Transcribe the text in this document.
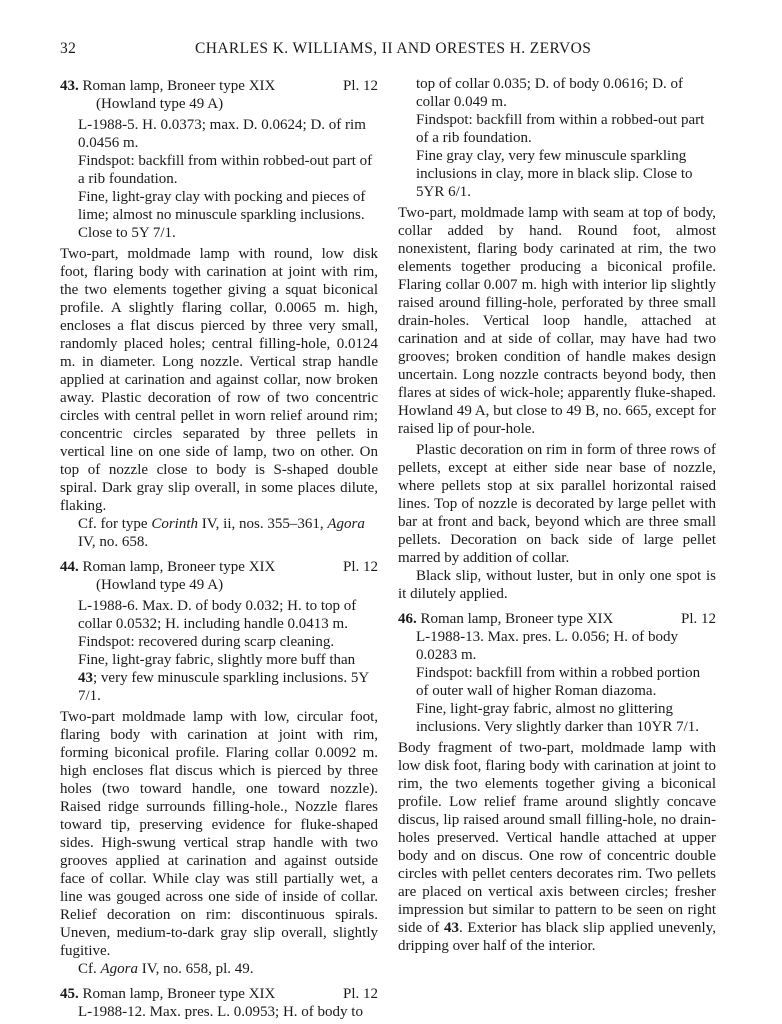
32	CHARLES K. WILLIAMS, II AND ORESTES H. ZERVOS
43. Roman lamp, Broneer type XIX	Pl. 12
(Howland type 49 A)

L-1988-5. H. 0.0373; max. D. 0.0624; D. of rim 0.0456 m.

Findspot: backfill from within robbed-out part of a rib foundation.

Fine, light-gray clay with pocking and pieces of lime; almost no minuscule sparkling inclusions. Close to 5Y 7/1.

Two-part, moldmade lamp with round, low disk foot, flaring body with carination at joint with rim, the two elements together giving a squat biconical profile. A slightly flaring collar, 0.0065 m. high, encloses a flat discus pierced by three very small, randomly placed holes; central filling-hole, 0.0124 m. in diameter. Long nozzle. Vertical strap handle applied at carination and against collar, now broken away. Plastic decoration of row of two concentric circles with central pellet in worn relief around rim; concentric circles separated by three pellets in vertical line on one side of lamp, two on other. On top of nozzle close to body is S-shaped double spiral. Dark gray slip overall, in some places dilute, flaking.

Cf. for type Corinth IV, ii, nos. 355–361, Agora IV, no. 658.

44. Roman lamp, Broneer type XIX	Pl. 12
(Howland type 49 A)

L-1988-6. Max. D. of body 0.032; H. to top of collar 0.0532; H. including handle 0.0413 m.

Findspot: recovered during scarp cleaning.

Fine, light-gray fabric, slightly more buff than 43; very few minuscule sparkling inclusions. 5Y 7/1.

Two-part moldmade lamp with low, circular foot, flaring body with carination at joint with rim, forming biconical profile. Flaring collar 0.0092 m. high encloses flat discus which is pierced by three holes (two toward handle, one toward nozzle). Raised ridge surrounds filling-hole., Nozzle flares toward tip, preserving evidence for fluke-shaped sides. High-swung vertical strap handle with two grooves applied at carination and against outside face of collar. While clay was still partially wet, a line was gouged across one side of inside of collar. Relief decoration on rim: discontinuous spirals. Uneven, medium-to-dark gray slip overall, slightly fugitive.

Cf. Agora IV, no. 658, pl. 49.

45. Roman lamp, Broneer type XIX	Pl. 12

L-1988-12. Max. pres. L. 0.0953; H. of body to

top of collar 0.035; D. of body 0.0616; D. of collar 0.049 m.

Findspot: backfill from within a robbed-out part of a rib foundation.

Fine gray clay, very few minuscule sparkling inclusions in clay, more in black slip. Close to 5YR 6/1.

Two-part, moldmade lamp with seam at top of body, collar added by hand. Round foot, almost nonexistent, flaring body carinated at rim, the two elements together producing a biconical profile. Flaring collar 0.007 m. high with interior lip slightly raised around filling-hole, perforated by three small drain-holes. Vertical loop handle, attached at carination and at side of collar, may have had two grooves; broken condition of handle makes design uncertain. Long nozzle contracts beyond body, then flares at sides of wick-hole; apparently fluke-shaped. Howland 49 A, but close to 49 B, no. 665, except for raised lip of pour-hole.

Plastic decoration on rim in form of three rows of pellets, except at either side near base of nozzle, where pellets stop at six parallel horizontal raised lines. Top of nozzle is decorated by large pellet with bar at front and back, beyond which are three small pellets. Decoration on back side of large pellet marred by addition of collar.

Black slip, without luster, but in only one spot is it dilutely applied.

46. Roman lamp, Broneer type XIX	Pl. 12

L-1988-13. Max. pres. L. 0.056; H. of body 0.0283 m.

Findspot: backfill from within a robbed portion of outer wall of higher Roman diazoma.

Fine, light-gray fabric, almost no glittering inclusions. Very slightly darker than 10YR 7/1.

Body fragment of two-part, moldmade lamp with low disk foot, flaring body with carination at joint to rim, the two elements together giving a biconical profile. Low relief frame around slightly concave discus, lip raised around small filling-hole, no drain-holes preserved. Vertical handle attached at upper body and on discus. One row of concentric double circles with pellet centers decorates rim. Two pellets are placed on vertical axis between circles; fresher impression but similar to pattern to be seen on right side of 43. Exterior has black slip applied unevenly, dripping over half of the interior.
